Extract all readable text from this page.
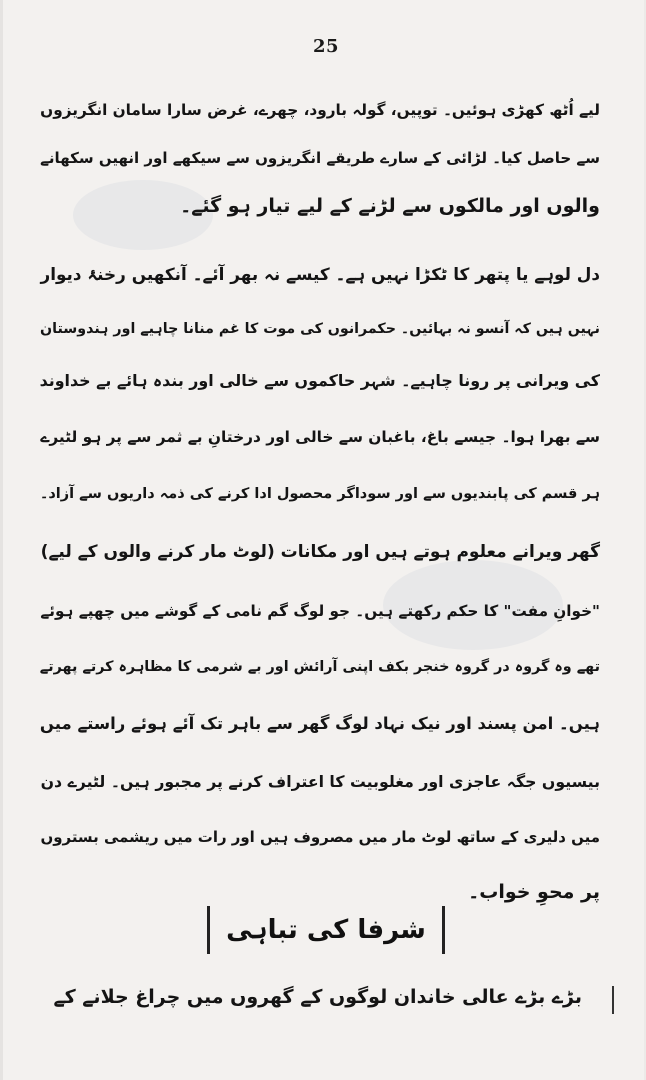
25
لیے اُٹھ کھڑی ہوئیں۔ توپیں، گولہ بارود، چھرے، غرض سارا سامان انگریزوں
سے حاصل کیا۔ لڑائی کے سارے طریقے انگریزوں سے سیکھے اور انھیں سکھانے
والوں اور مالکوں سے لڑنے کے لیے تیار ہو گئے۔
دل لوہے یا پتھر کا ٹکڑا نہیں ہے۔ کیسے نہ بھر آئے۔ آنکھیں رخنۂ دیوار
نہیں ہیں کہ آنسو نہ بہائیں۔ حکمرانوں کی موت کا غم منانا چاہیے اور ہندوستان
کی ویرانی پر رونا چاہیے۔ شہر حاکموں سے خالی اور بندہ ہائے بے خداوند
سے بھرا ہوا۔ جیسے باغ، باغبان سے خالی اور درختانِ بے ثمر سے پر ہو لٹیرے
ہر قسم کی پابندیوں سے اور سوداگر محصول ادا کرنے کی ذمہ داریوں سے آزاد۔
گھر ویرانے معلوم ہوتے ہیں اور مکانات (لوٹ مار کرنے والوں کے لیے)
"خوانِ مفت" کا حکم رکھتے ہیں۔ جو لوگ گم نامی کے گوشے میں چھپے ہوئے
تھے وہ گروہ در گروہ خنجر بکف اپنی آرائش اور بے شرمی کا مظاہرہ کرتے پھرتے
ہیں۔ امن پسند اور نیک نہاد لوگ گھر سے باہر تک آئے ہوئے راستے میں
بیسیوں جگہ عاجزی اور مغلوبیت کا اعتراف کرنے پر مجبور ہیں۔ لٹیرے دن
میں دلیری کے ساتھ لوٹ مار میں مصروف ہیں اور رات میں ریشمی بستروں
پر محوِ خواب۔
شرفا کی تباہی
بڑے بڑے عالی خاندان لوگوں کے گھروں میں چراغ جلانے کے
